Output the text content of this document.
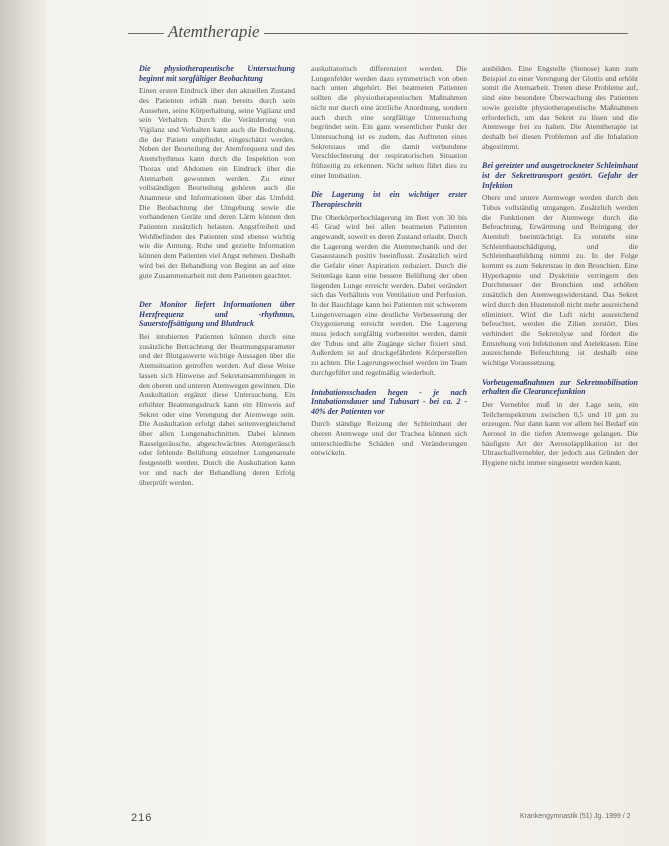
Atemtherapie
Die physiotherapeutische Untersuchung beginnt mit sorgfältiger Beobachtung

Einen ersten Eindruck über den aktuellen Zustand des Patienten erhält man bereits durch sein Aussehen, seine Körperhaltung, seine Vigilanz und sein Verhalten. Durch die Veränderung von Vigilanz und Verhalten kann auch die Bedrohung, die der Patient empfindet, eingeschätzt werden. Neben der Beurteilung der Atemfrequenz und des Atemrhythmus kann durch die Inspektion von Thorax und Abdomen ein Eindruck über die Atemarbeit gewonnen werden. Zu einer vollständigen Beurteilung gehören auch die Anamnese und Informationen über das Umfeld. Die Beobachtung der Umgebung sowie die vorhandenen Geräte und deren Lärm können den Patienten zusätzlich belasten. Angstfreiheit und Wohlbefinden des Patienten sind ebenso wichtig wie die Atmung. Ruhe und gezielte Information können dem Patienten viel Angst nehmen. Deshalb wird bei der Behandlung von Beginn an auf eine gute Zusammenarbeit mit dem Patienten geachtet.

Der Monitor liefert Informationen über Herzfrequenz und -rhythmus, Sauerstoffsättigung und Blutdruck

Bei intubierten Patienten können durch eine zusätzliche Betrachtung der Beatmungsparameter und der Blutgaswerte wichtige Aussagen über die Atemsituation getroffen werden. Auf diese Weise lassen sich Hinweise auf Sekretansammlungen in den oberen und unteren Atemwegen gewinnen. Die Auskultation ergänzt diese Untersuchung. Ein erhöhter Beatmungsdruck kann ein Hinweis auf Sekret oder eine Verengung der Atemwege sein. Die Auskultation erfolgt dabei seitenvergleichend über allen Lungenabschnitten. Dabei können Rasselgeräusche, abgeschwächtes Atemgeräusch oder fehlende Belüftung einzelner Lungenareale festgestellt werden. Durch die Auskultation kann vor und nach der Behandlung deren Erfolg überprüft werden.

auskultatorisch differenziert werden. Die Lungenfelder werden dazu symmetrisch von oben nach unten abgehört. Bei beatmeten Patienten sollten die physiotherapeutischen Maßnahmen nicht nur durch eine ärztliche Anordnung, sondern auch durch eine sorgfältige Untersuchung begründet sein. Ein ganz wesentlicher Punkt der Untersuchung ist es zudem, das Auftreten eines Sekretstaus und die damit verbundene Verschlechterung der respiratorischen Situation frühzeitig zu erkennen. Nicht selten führt dies zu einer Intubation.

Die Lagerung ist ein wichtiger erster Therapieschritt

Die Oberkörperhochlagerung im Bett von 30 bis 45 Grad wird bei allen beatmeten Patienten angewandt, soweit es deren Zustand erlaubt. Durch die Lagerung werden die Atemmechanik und der Gasaustausch positiv beeinflusst. Zusätzlich wird die Gefahr einer Aspiration reduziert. Durch die Seitenlage kann eine bessere Belüftung der oben liegenden Lunge erreicht werden. Dabei verändert sich das Verhältnis von Ventilation und Perfusion. In der Bauchlage kann bei Patienten mit schwerem Lungenversagen eine deutliche Verbesserung der Oxygenierung erreicht werden. Die Lagerung muss jedoch sorgfältig vorbereitet werden, damit der Tubus und alle Zugänge sicher fixiert sind. Außerdem ist auf druckgefährdete Körperstellen zu achten. Die Lagerungswechsel werden im Team durchgeführt und regelmäßig wiederholt.

Intubationsschaden hegen - je nach Intubationsdauer und Tubusart - bei ca. 2 - 40% der Patienten vor

Durch ständige Reizung der Schleimhaut der oberen Atemwege und der Trachea können sich unterschiedliche Schäden und Veränderungen entwickeln.

ausbilden. Eine Engstelle (Stenose) kann zum Beispiel zu einer Verengung der Glottis und erhöht somit die Atemarbeit. Treten diese Probleme auf, sind eine besondere Überwachung des Patienten sowie gezielte physiotherapeutische Maßnahmen erforderlich, um das Sekret zu lösen und die Atemwege frei zu halten. Die Atemtherapie ist deshalb bei diesen Problemen auf die Inhalation abgestimmt.

Bei gereizter und ausgetrockneter Schleimhaut ist der Sekrettransport gestört. Gefahr der Infektion

Obere und untere Atemwege werden durch den Tubus vollständig umgangen. Zusätzlich werden die Funktionen der Atemwege durch die Befeuchtung, Erwärmung und Reinigung der Atemluft beeinträchtigt. Es entsteht eine Schleimhautschädigung, und die Schleimhautbildung nimmt zu. In der Folge kommt es zum Sekretstau in den Bronchien. Eine Hyperkapnie und Dyskrinie verringern den Durchmesser der Bronchien und erhöhen zusätzlich den Atemwegswiderstand. Das Sekret wird durch den Hustenstoß nicht mehr ausreichend eliminiert. Wird die Luft nicht ausreichend befeuchtet, werden die Zilien zerstört. Dies verhindert die Sekretolyse und fördert die Entstehung von Infektionen und Atelektasen. Eine ausreichende Befeuchtung ist deshalb eine wichtige Voraussetzung.

Vorbeugemaßnahmen zur Sekretmobilisation erhalten die Clearancefunktion

Der Vernebler muß in der Lage sein, ein Teilchenspektrum zwischen 0,5 und 10 µm zu erzeugen. Nur dann kann vor allem bei Bedarf ein Aerosol in die tiefen Atemwege gelangen. Die häufigste Art der Aerosolapplikation ist der Ultraschallvernebler, der jedoch aus Gründen der Hygiene nicht immer eingesetzt werden kann.

216	Krankengymnastik (51) Jg. 1999 / 2
